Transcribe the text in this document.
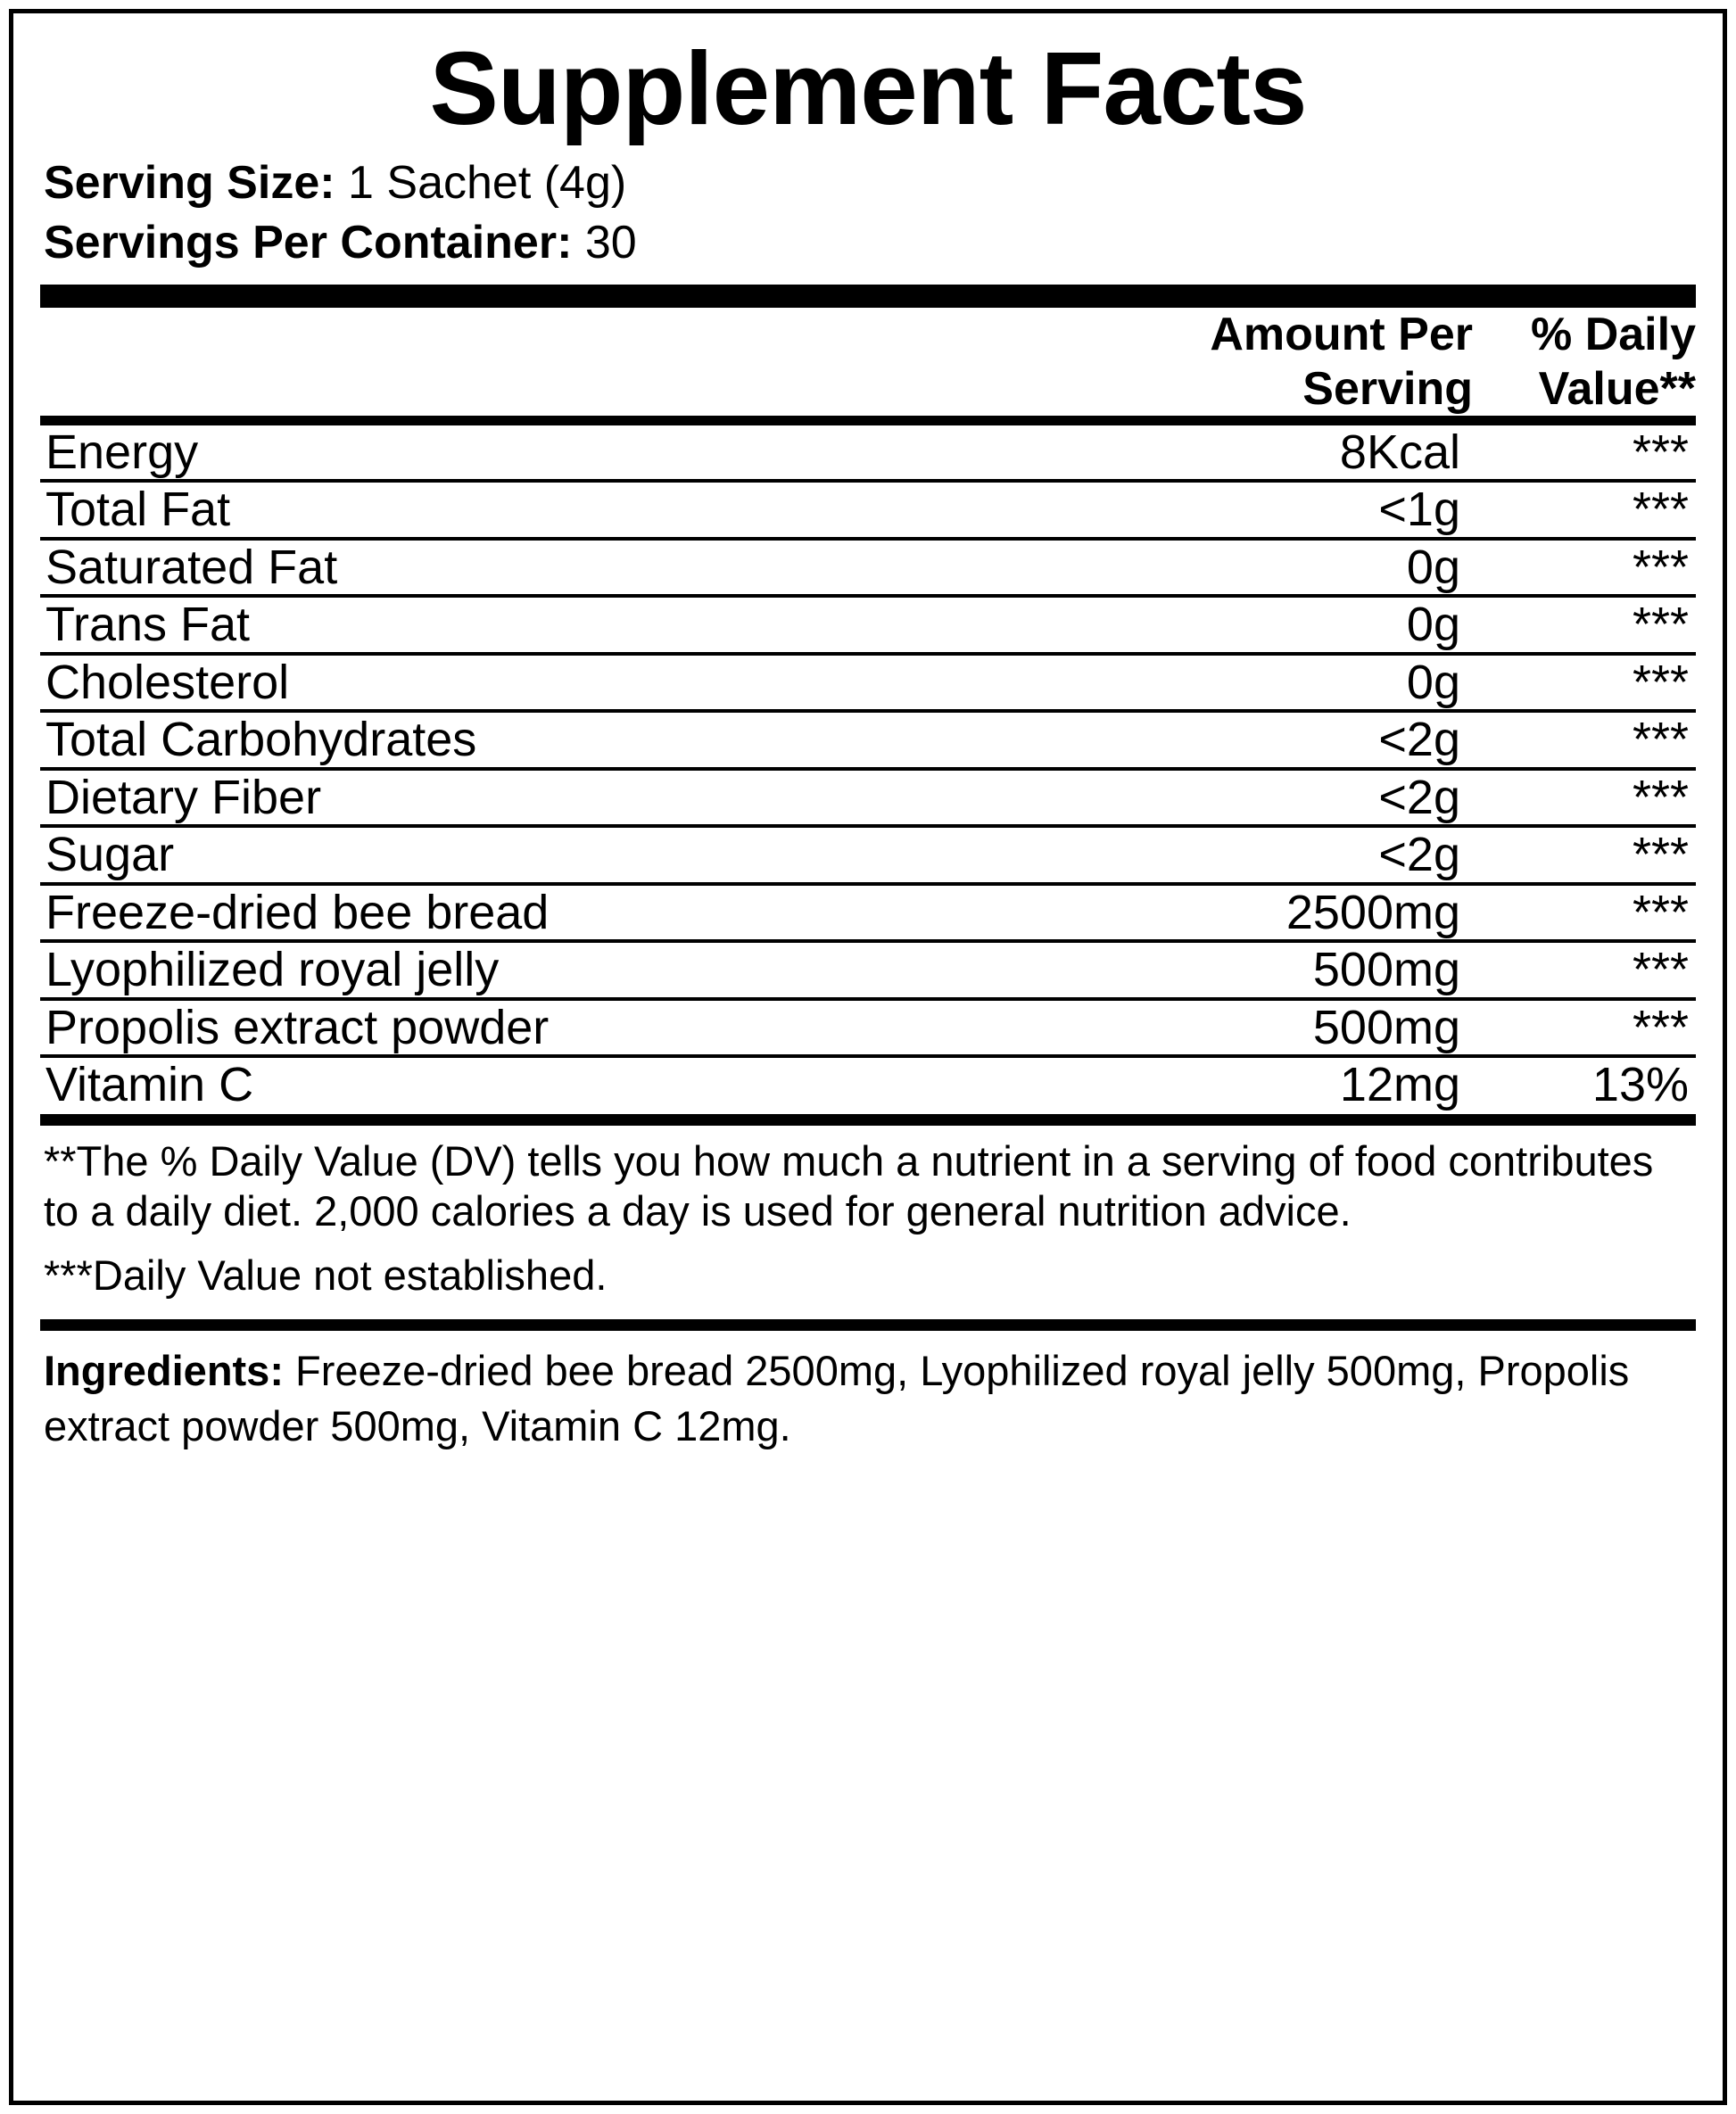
Supplement Facts
Serving Size: 1 Sachet (4g)
Servings Per Container: 30

Amount Per
Serving

% Daily
Value**
Energy	8Kcal	***
Total Fat	<1g	***
Saturated Fat	0g	***
Trans Fat	0g	***
Cholesterol	0g	***
Total Carbohydrates	<2g	***
Dietary Fiber	<2g	***
Sugar	<2g	***
Freeze-dried bee bread	2500mg	***
Lyophilized royal jelly	500mg	***
Propolis extract powder	500mg	***
Vitamin C	12mg	13%
**The % Daily Value (DV) tells you how much a nutrient in a serving of food contributes to a daily diet. 2,000 calories a day is used for general nutrition advice.
***Daily Value not established.
Ingredients: Freeze-dried bee bread 2500mg, Lyophilized royal jelly 500mg, Propolis extract powder 500mg, Vitamin C 12mg.
